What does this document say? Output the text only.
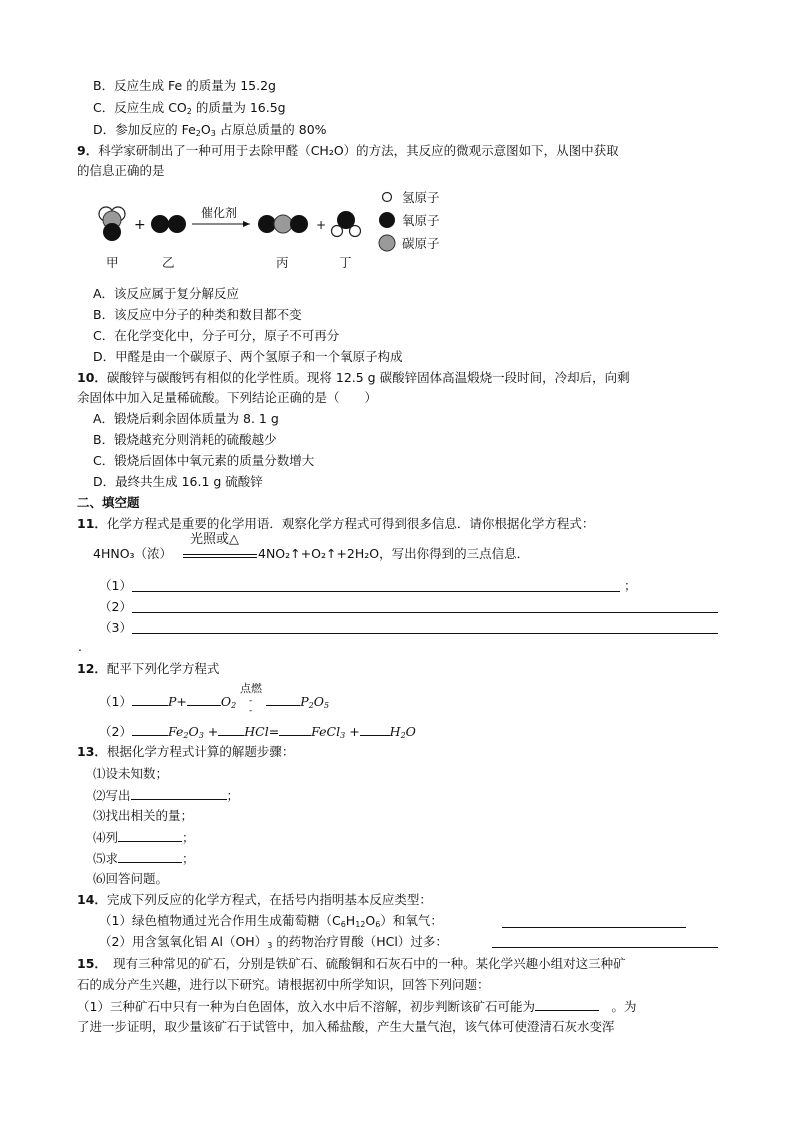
B．反应生成 Fe 的质量为 15.2g
C．反应生成 $CO_2$ 的质量为 16.5g
D．参加反应的 $Fe_2O_3$ 占原总质量的 80%
9．科学家研制出了一种可用于去除甲醛（CH₂O）的方法，其反应的微观示意图如下，从图中获取
的信息正确的是
+
催化剂
+
氢原子
氧原子
碳原子
甲	乙	丙	丁
A．该反应属于复分解反应
B．该反应中分子的种类和数目都不变
C．在化学变化中，分子可分，原子不可再分
D．甲醛是由一个碳原子、两个氢原子和一个氧原子构成
10．碳酸锌与碳酸钙有相似的化学性质。现将 12.5 g 碳酸锌固体高温煅烧一段时间，冷却后，向剩
余固体中加入足量稀硫酸。下列结论正确的是（　　）
A．锻烧后剩余固体质量为 8. 1 g
B．锻烧越充分则消耗的硫酸越少
C．锻烧后固体中氧元素的质量分数增大
D．最终共生成 16.1 g 硫酸锌
二、填空题
11．化学方程式是重要的化学用语．观察化学方程式可得到很多信息．请你根据化学方程式：
4HNO₃（浓）
光照或△
4NO₂↑+O₂↑+2H₂O，写出你得到的三点信息．
（1）	；
（2）
（3）
.
12．配平下列化学方程式
（1）	P+	$O_2$	$P_2O_5$
点燃
-
-
（2）	$Fe_2O_3 + HCl=$	FeCl$_3$ + $H_2O$
13．根据化学方程式计算的解题步骤：
⑴设未知数；
⑵写出	；
⑶找出相关的量；
⑷列	；
⑸求	；
⑹回答问题。
14．完成下列反应的化学方程式，在括号内指明基本反应类型：
（1）绿色植物通过光合作用生成葡萄糖$(C_6H_{12}O_6)$和氧气：
（2）用含氢氧化铝 $Al(OH)_3$ 的药物治疗胃酸（HCl）过多：
15．　现有三种常见的矿石，分别是铁矿石、硫酸铜和石灰石中的一种。某化学兴趣小组对这三种矿
石的成分产生兴趣，进行以下研究。请根据初中所学知识，回答下列问题：
（1）三种矿石中只有一种为白色固体，放入水中后不溶解，初步判断该矿石可能为	　。为
了进一步证明，取少量该矿石于试管中，加入稀盐酸，产生大量气泡，该气体可使澄清石灰水变浑
